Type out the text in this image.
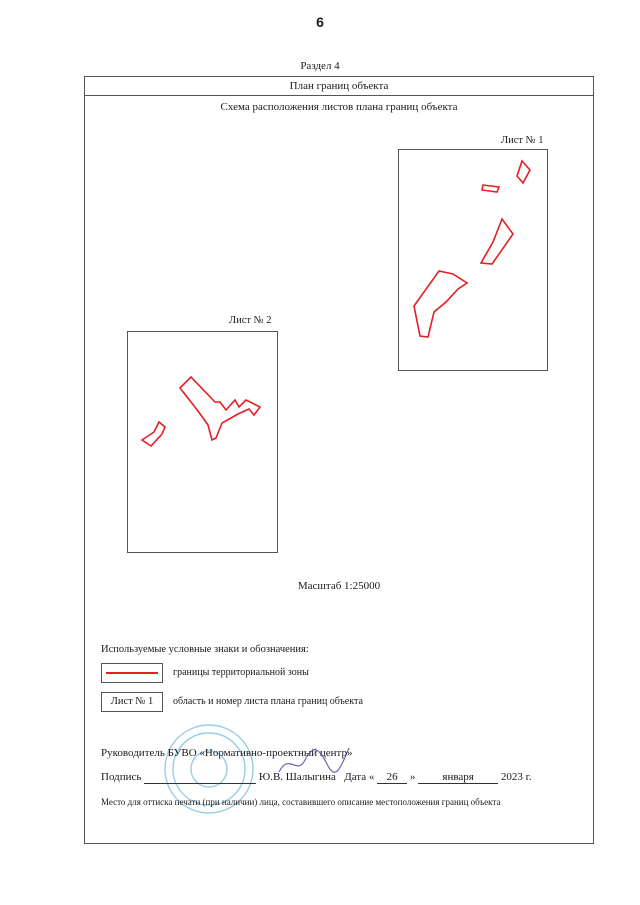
6
Раздел 4
План границ объекта
Схема расположения листов плана границ объекта
Лист № 1
Лист № 2
Масштаб 1:25000
Используемые условные знаки и обозначения:
границы территориальной зоны
Лист № 1	область и номер листа плана границ объекта
Руководитель БУВО «Нормативно-проектный центр»
Подпись	Ю.В. Шалыгина Дата « 26 » января 2023 г.
Место для оттиска печати (при наличии) лица, составившего описание местоположения границ объекта
